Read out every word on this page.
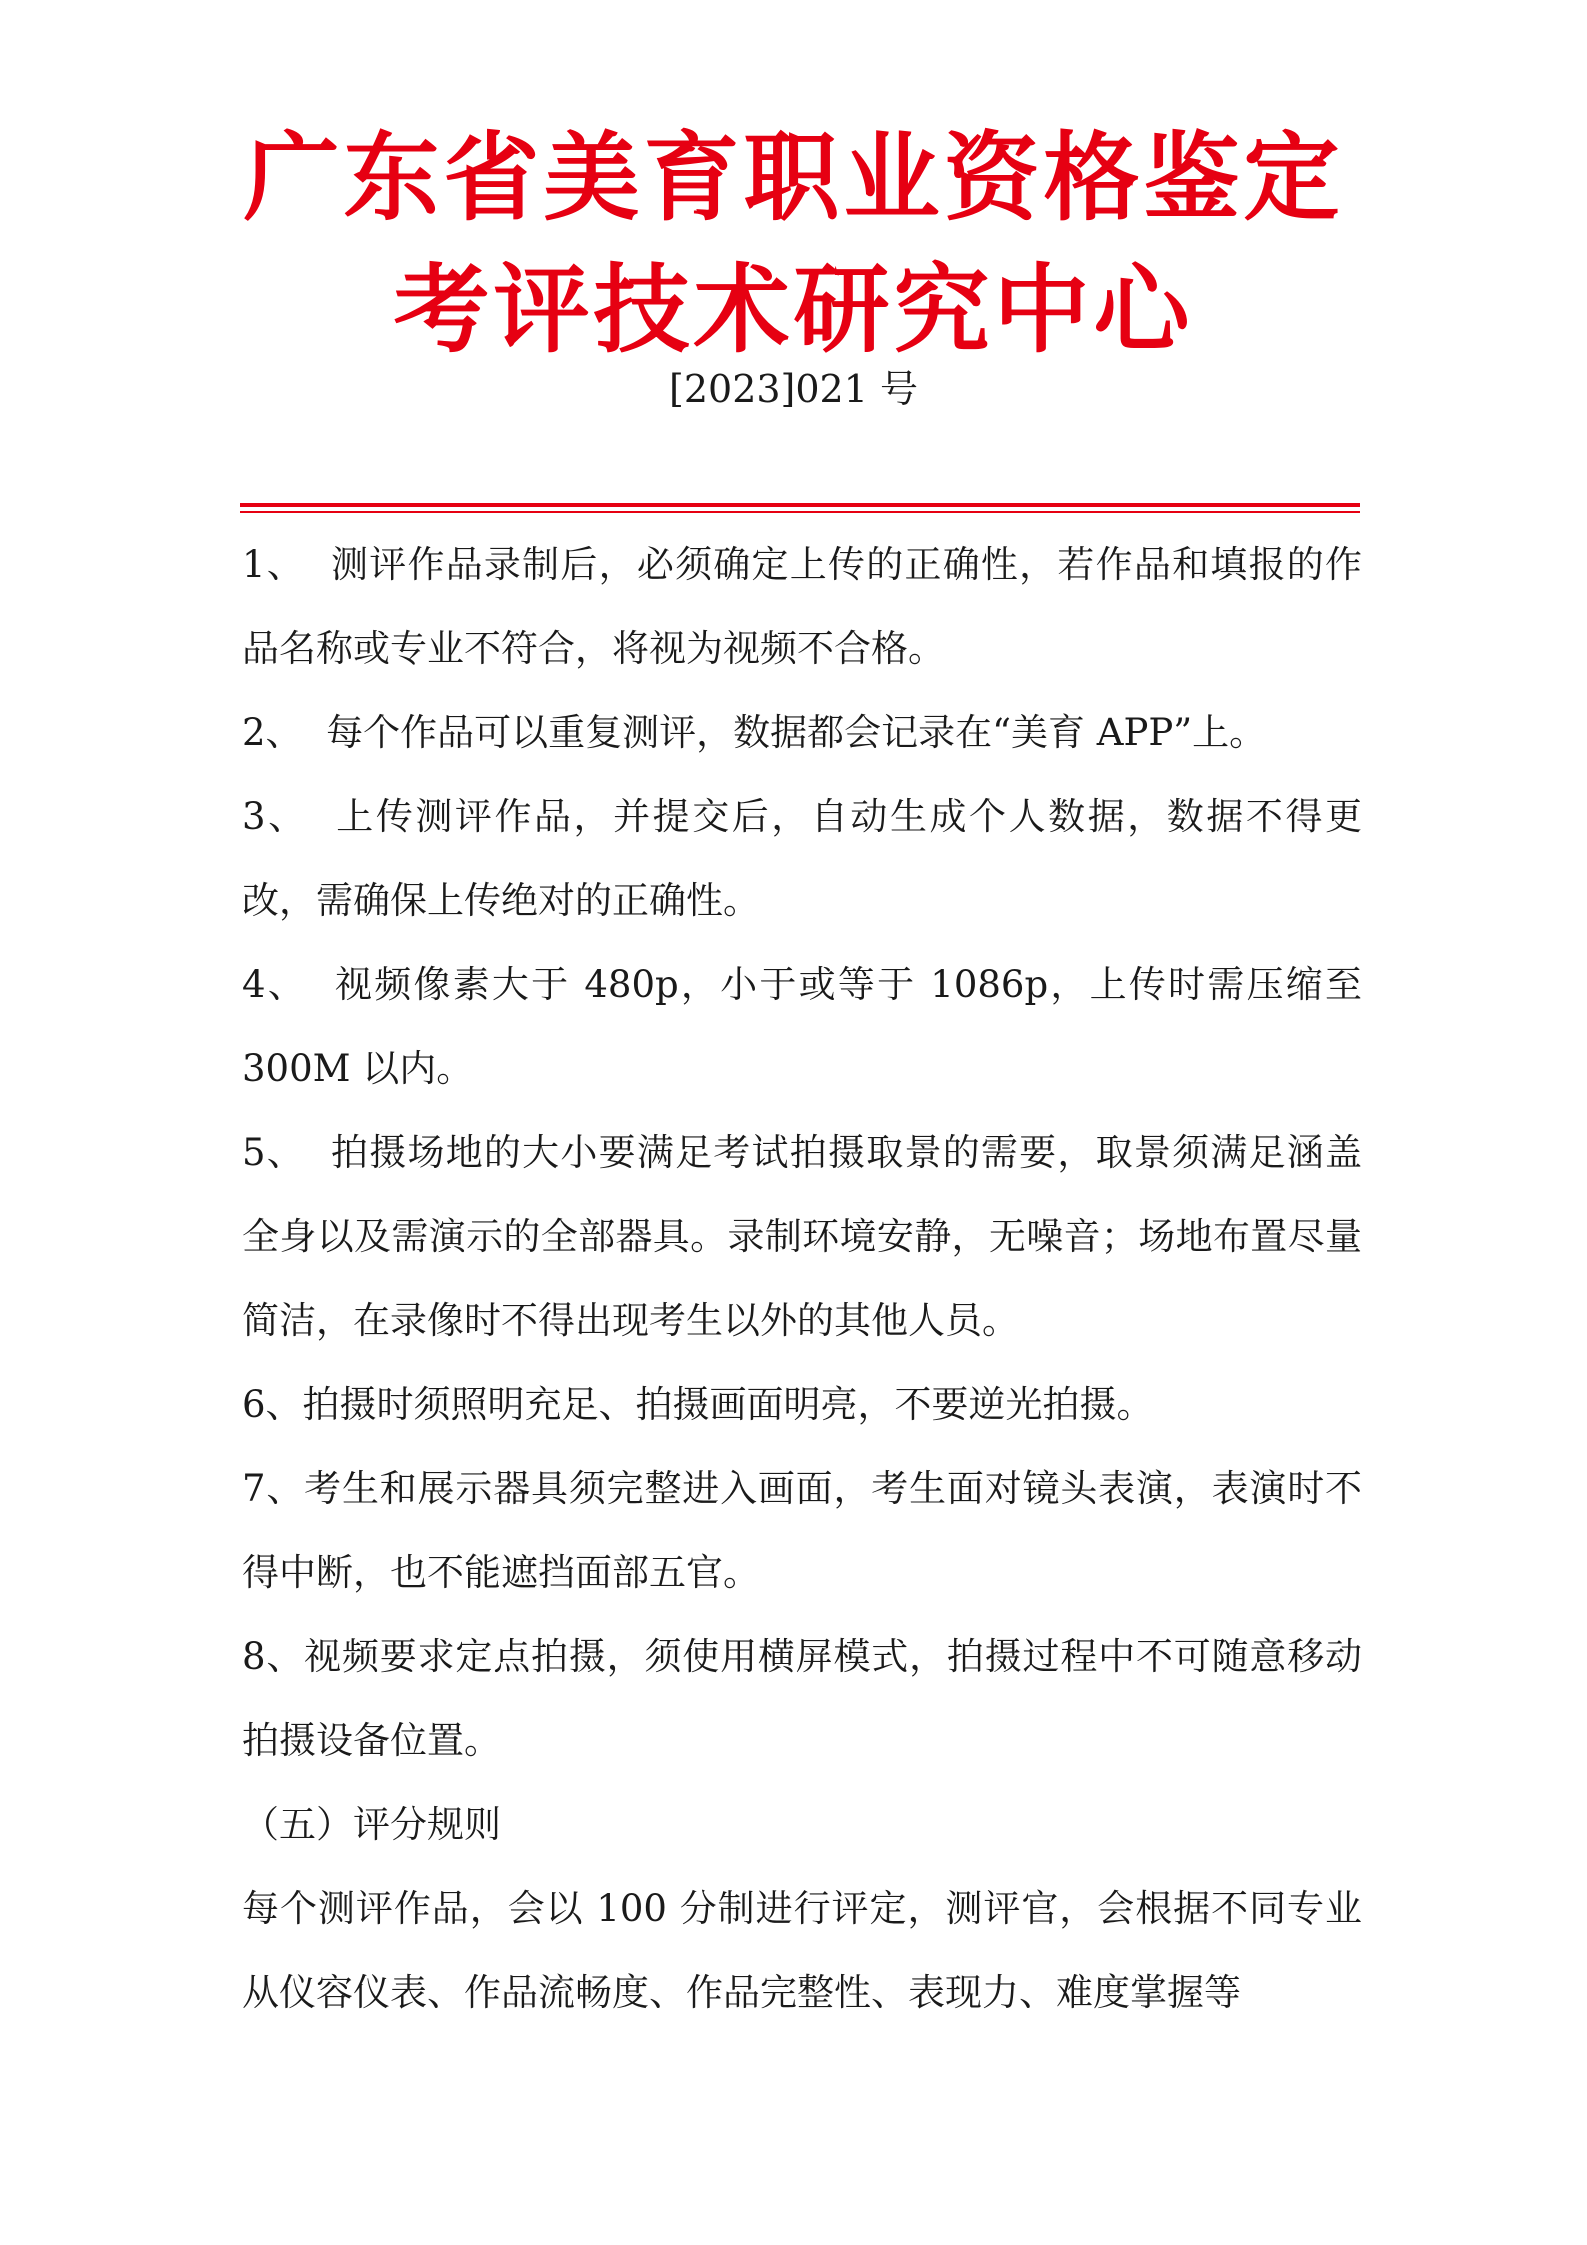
广东省美育职业资格鉴定
考评技术研究中心
[2023]021 号

1、 测评作品录制后，必须确定上传的正确性，若作品和填报的作品名称或专业不符合，将视为视频不合格。

2、 每个作品可以重复测评，数据都会记录在“美育 APP”上。

3、 上传测评作品，并提交后，自动生成个人数据，数据不得更改，需确保上传绝对的正确性。

4、 视频像素大于 480p，小于或等于 1086p，上传时需压缩至 300M 以内。

5、 拍摄场地的大小要满足考试拍摄取景的需要，取景须满足涵盖全身以及需演示的全部器具。录制环境安静，无噪音；场地布置尽量简洁，在录像时不得出现考生以外的其他人员。

6、拍摄时须照明充足、拍摄画面明亮，不要逆光拍摄。

7、考生和展示器具须完整进入画面，考生面对镜头表演，表演时不得中断，也不能遮挡面部五官。

8、视频要求定点拍摄，须使用横屏模式，拍摄过程中不可随意移动拍摄设备位置。

（五）评分规则

每个测评作品，会以 100 分制进行评定，测评官，会根据不同专业从仪容仪表、作品流畅度、作品完整性、表现力、难度掌握等
